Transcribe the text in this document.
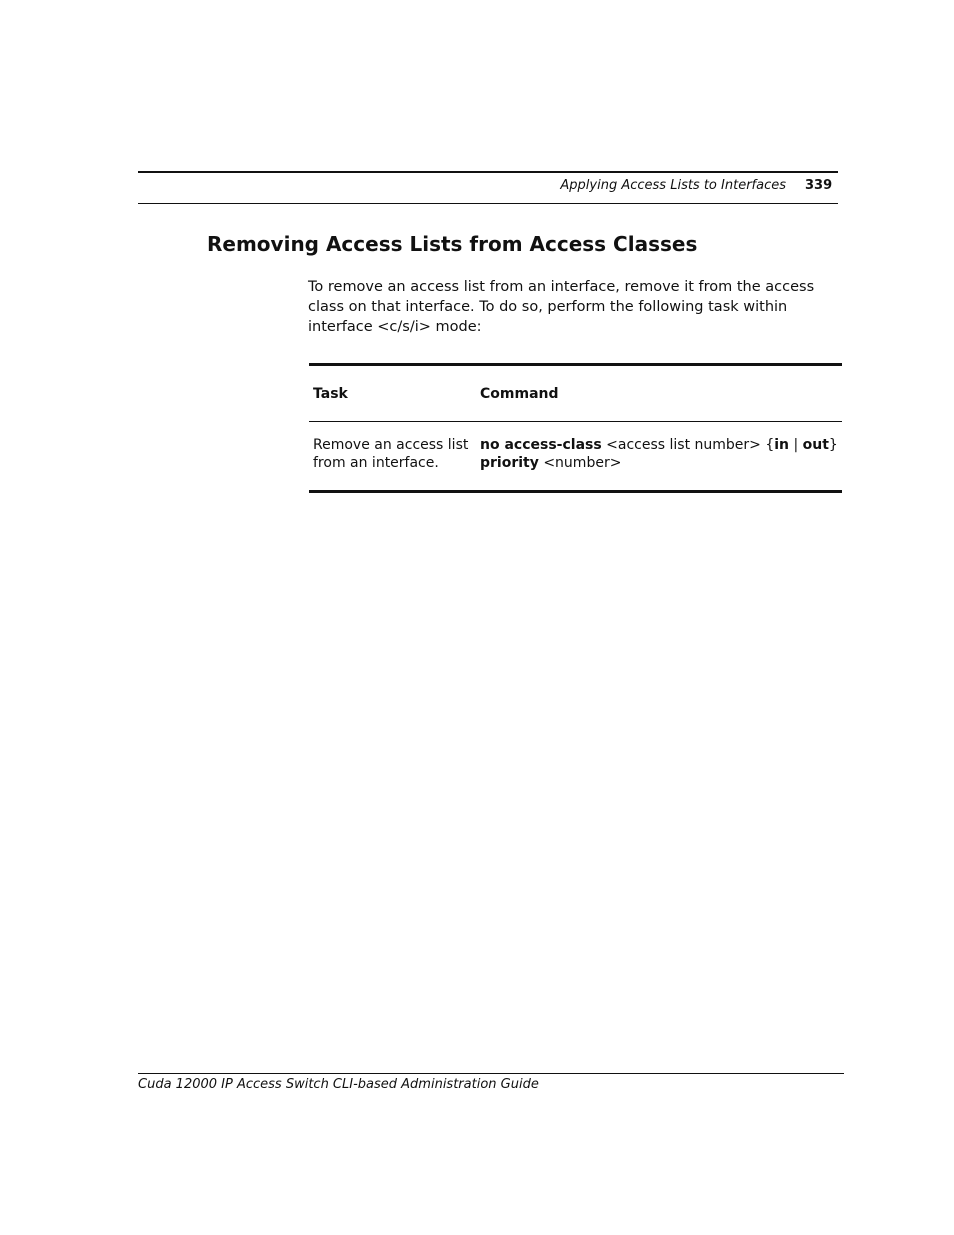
Applying Access Lists to Interfaces 339
Removing Access Lists from Access Classes

To remove an access list from an interface, remove it from the access class on that interface. To do so, perform the following task within interface <c/s/i> mode:

Task	Command
Remove an access list from an interface.	no access-class <access list number> {in | out}
priority <number>
Cuda 12000 IP Access Switch CLI-based Administration Guide
